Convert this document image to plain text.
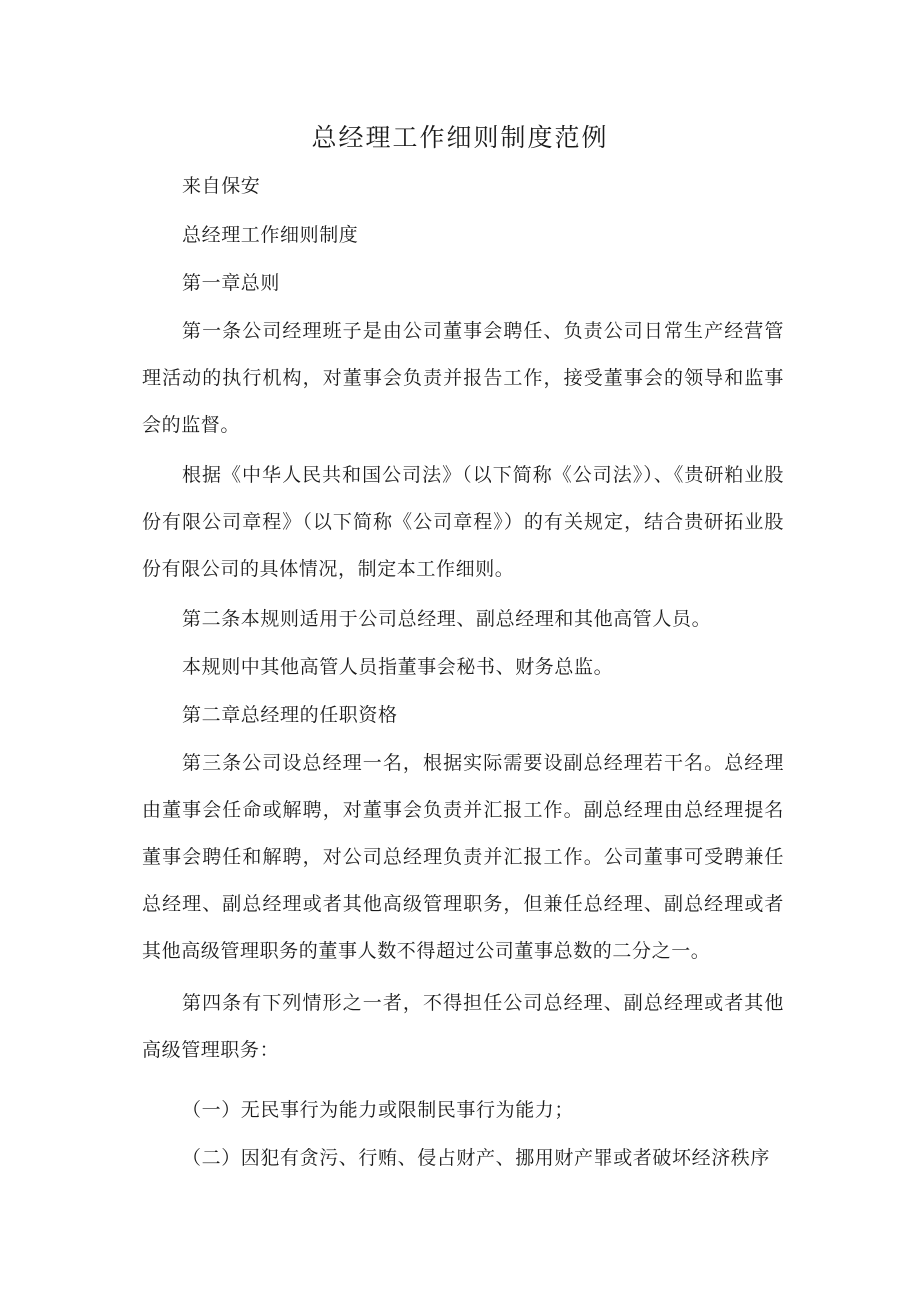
总经理工作细则制度范例

来自保安

总经理工作细则制度

第一章总则

第一条公司经理班子是由公司董事会聘任、负责公司日常生产经营管理活动的执行机构，对董事会负责并报告工作，接受董事会的领导和监事会的监督。

根据《中华人民共和国公司法》（以下简称《公司法》）、《贵研粕业股份有限公司章程》（以下简称《公司章程》）的有关规定，结合贵研拓业股份有限公司的具体情况，制定本工作细则。

第二条本规则适用于公司总经理、副总经理和其他高管人员。

本规则中其他高管人员指董事会秘书、财务总监。

第二章总经理的任职资格

第三条公司设总经理一名，根据实际需要设副总经理若干名。总经理由董事会任命或解聘，对董事会负责并汇报工作。副总经理由总经理提名董事会聘任和解聘，对公司总经理负责并汇报工作。公司董事可受聘兼任总经理、副总经理或者其他高级管理职务，但兼任总经理、副总经理或者其他高级管理职务的董事人数不得超过公司董事总数的二分之一。

第四条有下列情形之一者，不得担任公司总经理、副总经理或者其他高级管理职务：

（一）无民事行为能力或限制民事行为能力；

（二）因犯有贪污、行贿、侵占财产、挪用财产罪或者破坏经济秩序
